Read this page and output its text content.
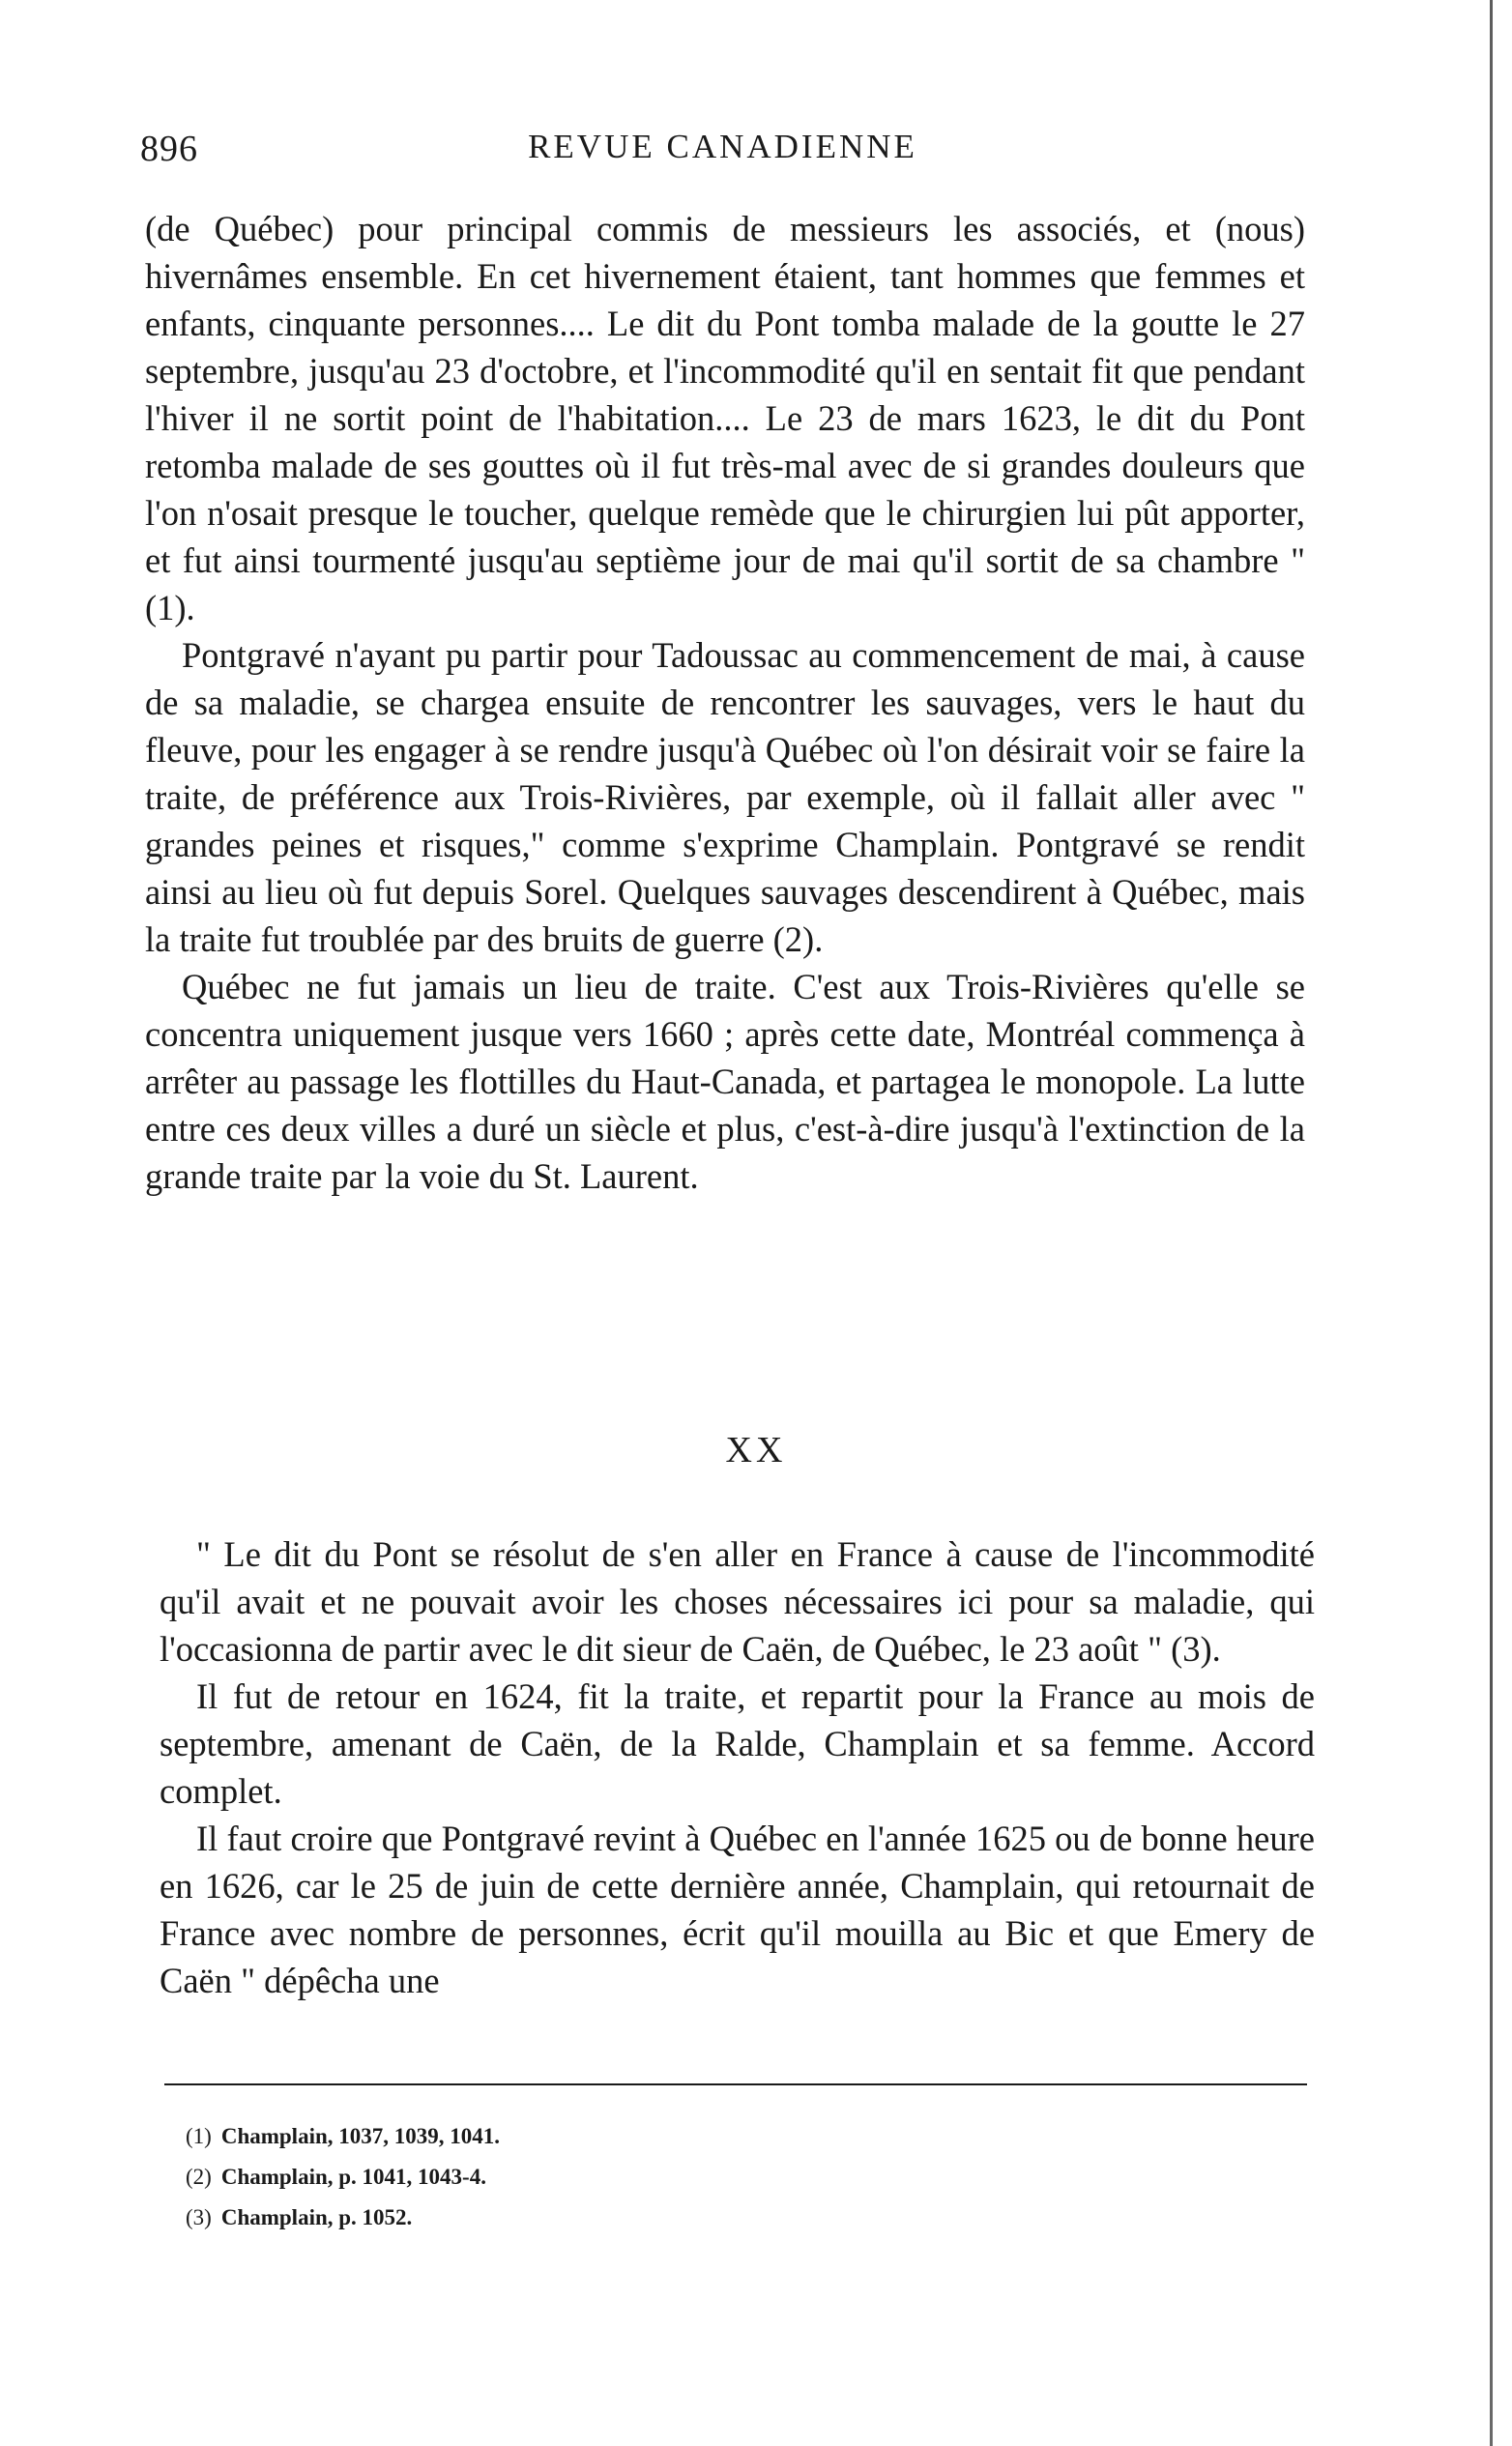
896	REVUE CANADIENNE

(de Québec) pour principal commis de messieurs les associés, et (nous) hivernâmes ensemble. En cet hivernement étaient, tant hommes que femmes et enfants, cinquante personnes.... Le dit du Pont tomba malade de la goutte le 27 septembre, jusqu'au 23 d'octobre, et l'incommodité qu'il en sentait fit que pendant l'hiver il ne sortit point de l'habitation.... Le 23 de mars 1623, le dit du Pont retomba malade de ses gouttes où il fut très-mal avec de si grandes douleurs que l'on n'osait presque le toucher, quelque remède que le chirurgien lui pût apporter, et fut ainsi tourmenté jusqu'au septième jour de mai qu'il sortit de sa chambre " (1).

Pontgravé n'ayant pu partir pour Tadoussac au commencement de mai, à cause de sa maladie, se chargea ensuite de rencontrer les sauvages, vers le haut du fleuve, pour les engager à se rendre jusqu'à Québec où l'on désirait voir se faire la traite, de préférence aux Trois-Rivières, par exemple, où il fallait aller avec " grandes peines et risques," comme s'exprime Champlain. Pontgravé se rendit ainsi au lieu où fut depuis Sorel. Quelques sauvages descendirent à Québec, mais la traite fut troublée par des bruits de guerre (2).

Québec ne fut jamais un lieu de traite. C'est aux Trois-Rivières qu'elle se concentra uniquement jusque vers 1660 ; après cette date, Montréal commença à arrêter au passage les flottilles du Haut-Canada, et partagea le monopole. La lutte entre ces deux villes a duré un siècle et plus, c'est-à-dire jusqu'à l'extinction de la grande traite par la voie du St. Laurent.

XX

" Le dit du Pont se résolut de s'en aller en France à cause de l'incommodité qu'il avait et ne pouvait avoir les choses nécessaires ici pour sa maladie, qui l'occasionna de partir avec le dit sieur de Caën, de Québec, le 23 août " (3).

Il fut de retour en 1624, fit la traite, et repartit pour la France au mois de septembre, amenant de Caën, de la Ralde, Champlain et sa femme. Accord complet.

Il faut croire que Pontgravé revint à Québec en l'année 1625 ou de bonne heure en 1626, car le 25 de juin de cette dernière année, Champlain, qui retournait de France avec nombre de personnes, écrit qu'il mouilla au Bic et que Emery de Caën " dépêcha une

(1) Champlain, 1037, 1039, 1041.
(2) Champlain, p. 1041, 1043-4.
(3) Champlain, p. 1052.
